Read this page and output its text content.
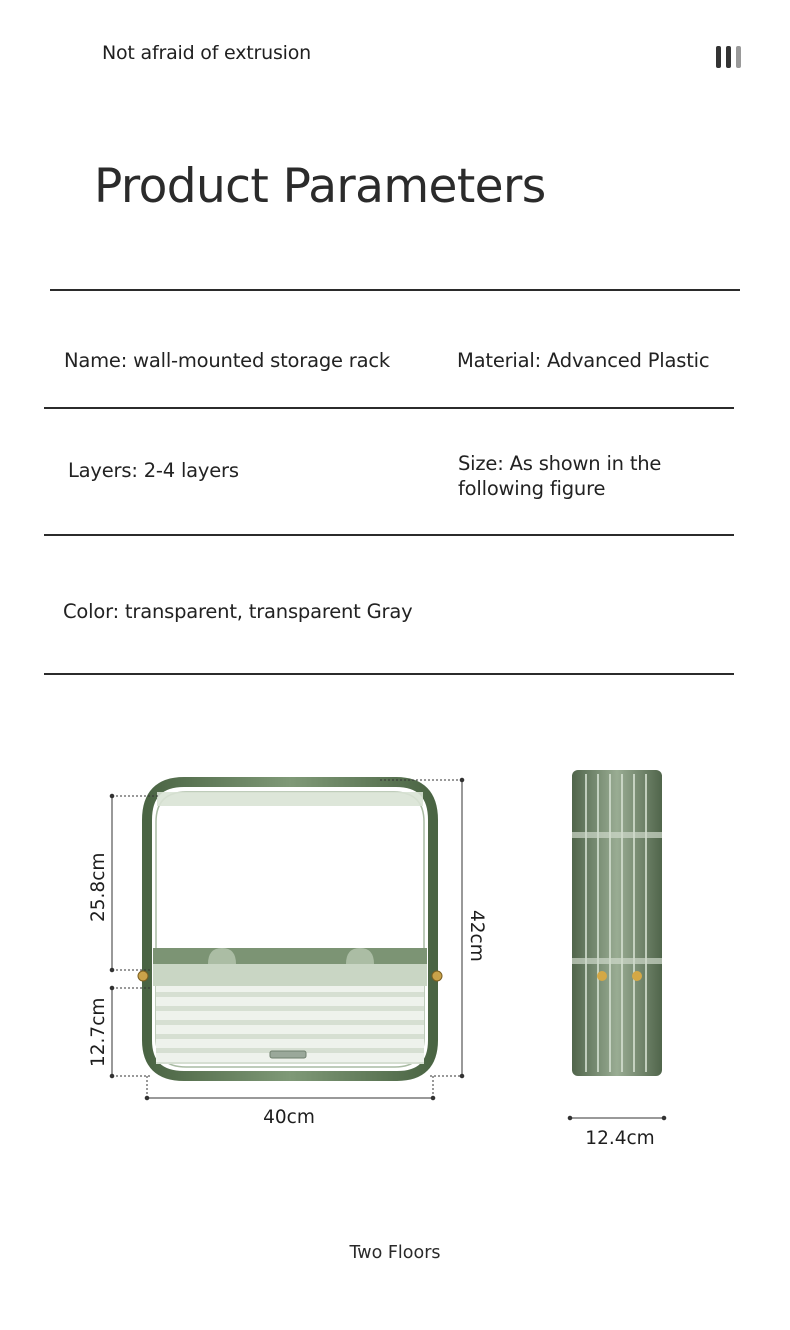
Not afraid of extrusion
Product Parameters
Name: wall-mounted storage rack	Material: Advanced Plastic
Layers: 2-4 layers	Size: As shown in the following figure
Color: transparent, transparent Gray
25.8cm
12.7cm
42cm
40cm
12.4cm
Two Floors
